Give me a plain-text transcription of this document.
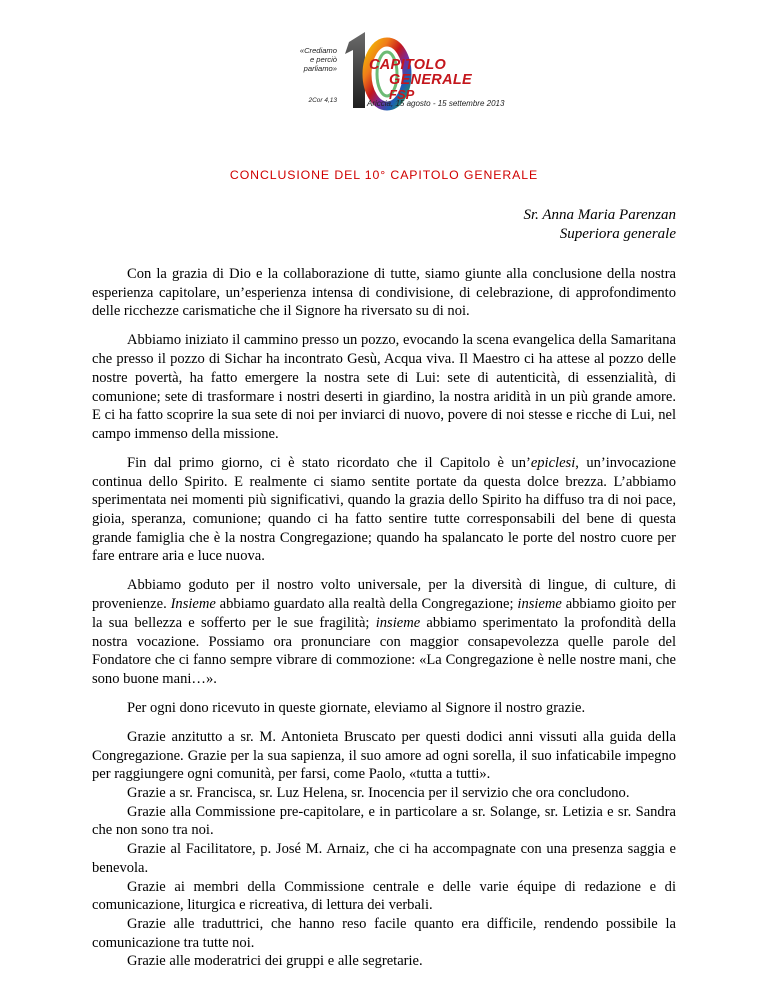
«Crediamo
e perciò
parliamo»
2Cor 4,13
CAPITOLO
GENERALE
FSP
Ariccia, 15 agosto - 15 settembre 2013
CONCLUSIONE DEL 10° CAPITOLO GENERALE
Sr. Anna Maria Parenzan
Superiora generale

Con la grazia di Dio e la collaborazione di tutte, siamo giunte alla conclusione della nostra esperienza capitolare, un’esperienza intensa di condivisione, di celebrazione, di approfondimento delle ricchezze carismatiche che il Signore ha riversato su di noi.

Abbiamo iniziato il cammino presso un pozzo, evocando la scena evangelica della Samaritana che presso il pozzo di Sichar ha incontrato Gesù, Acqua viva. Il Maestro ci ha attese al pozzo delle nostre povertà, ha fatto emergere la nostra sete di Lui: sete di autenticità, di essenzialità, di comunione; sete di trasformare i nostri deserti in giardino, la nostra aridità in un più grande amore. E ci ha fatto scoprire la sua sete di noi per inviarci di nuovo, povere di noi stesse e ricche di Lui, nel campo immenso della missione.

Fin dal primo giorno, ci è stato ricordato che il Capitolo è un’epiclesi, un’invocazione continua dello Spirito. E realmente ci siamo sentite portate da questa dolce brezza. L’abbiamo sperimentata nei momenti più significativi, quando la grazia dello Spirito ha diffuso tra di noi pace, gioia, speranza, comunione; quando ci ha fatto sentire tutte corresponsabili del bene di questa grande famiglia che è la nostra Congregazione; quando ha spalancato le porte del nostro cuore per fare entrare aria e luce nuova.

Abbiamo goduto per il nostro volto universale, per la diversità di lingue, di culture, di provenienze. Insieme abbiamo guardato alla realtà della Congregazione; insieme abbiamo gioito per la sua bellezza e sofferto per le sue fragilità; insieme abbiamo sperimentato la profondità della nostra vocazione. Possiamo ora pronunciare con maggior consapevolezza quelle parole del Fondatore che ci fanno sempre vibrare di commozione: «La Congregazione è nelle nostre mani, che sono buone mani…».

Per ogni dono ricevuto in queste giornate, eleviamo al Signore il nostro grazie.

Grazie anzitutto a sr. M. Antonieta Bruscato per questi dodici anni vissuti alla guida della Congregazione. Grazie per la sua sapienza, il suo amore ad ogni sorella, il suo infaticabile impegno per raggiungere ogni comunità, per farsi, come Paolo, «tutta a tutti».

Grazie a sr. Francisca, sr. Luz Helena, sr. Inocencia per il servizio che ora concludono.

Grazie alla Commissione pre-capitolare, e in particolare a sr. Solange, sr. Letizia e sr. Sandra che non sono tra noi.

Grazie al Facilitatore, p. José M. Arnaiz, che ci ha accompagnate con una presenza saggia e benevola.

Grazie ai membri della Commissione centrale e delle varie équipe di redazione e di comunicazione, liturgica e ricreativa, di lettura dei verbali.

Grazie alle traduttrici, che hanno reso facile quanto era difficile, rendendo possibile la comunicazione tra tutte noi.

Grazie alle moderatrici dei gruppi e alle segretarie.
